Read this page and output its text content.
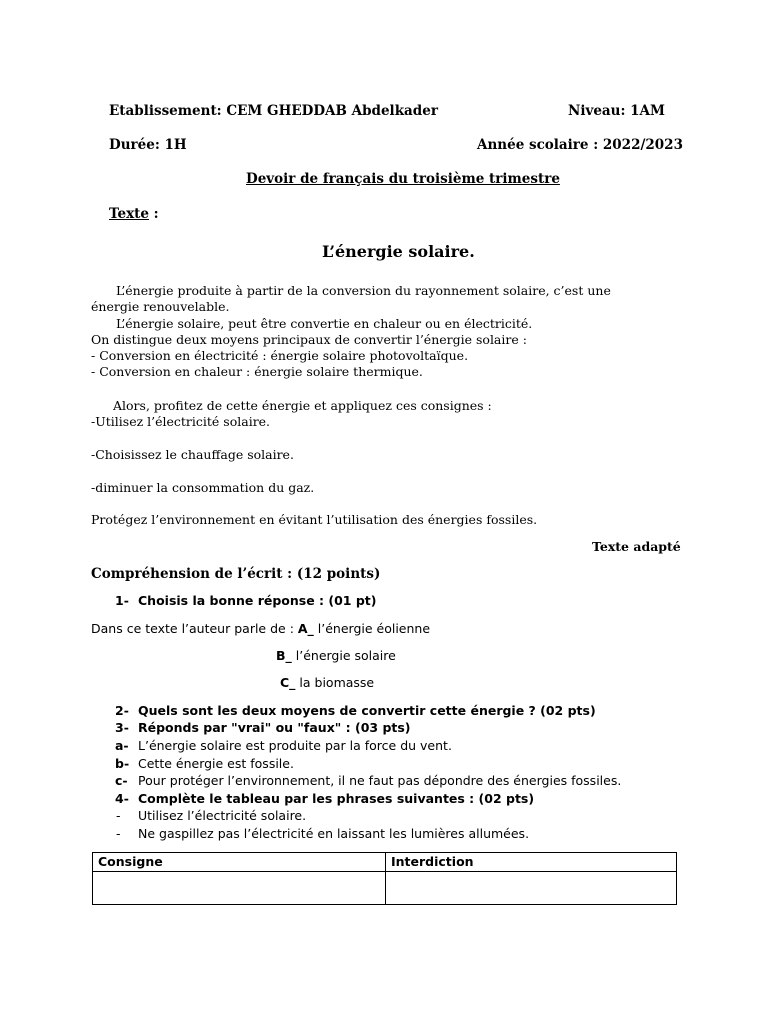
Etablissement: CEM GHEDDAB Abdelkader	Niveau: 1AM
Durée: 1H	Année scolaire : 2022/2023
Devoir de français du troisième trimestre
Texte :
L’énergie solaire.
L’énergie produite à partir de la conversion du rayonnement solaire, c’est une
énergie renouvelable.
L’énergie solaire, peut être convertie en chaleur ou en électricité.
On distingue deux moyens principaux de convertir l’énergie solaire :
- Conversion en électricité : énergie solaire photovoltaïque.
- Conversion en chaleur : énergie solaire thermique.
Alors, profitez de cette énergie et appliquez ces consignes :
-Utilisez l’électricité solaire.
-Choisissez le chauffage solaire.
-diminuer la consommation du gaz.
Protégez l’environnement en évitant l’utilisation des énergies fossiles.
Texte adapté
Compréhension de l’écrit : (12 points)
1- Choisis la bonne réponse : (01 pt)
Dans ce texte l’auteur parle de : A_ l’énergie éolienne
B_ l’énergie solaire
C_ la biomasse
2- Quels sont les deux moyens de convertir cette énergie ? (02 pts)
3- Réponds par "vrai" ou "faux" : (03 pts)
a- L’énergie solaire est produite par la force du vent.
b- Cette énergie est fossile.
c- Pour protéger l’environnement, il ne faut pas dépondre des énergies fossiles.
4- Complète le tableau par les phrases suivantes : (02 pts)
- Utilisez l’électricité solaire.
- Ne gaspillez pas l’électricité en laissant les lumières allumées.
Consigne	Interdiction
